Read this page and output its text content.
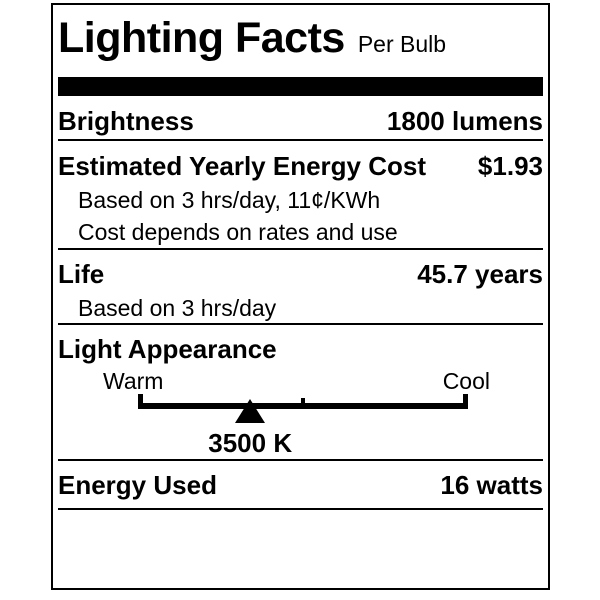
Lighting Facts Per Bulb
Brightness	1800 lumens
Estimated Yearly Energy Cost $1.93
Based on 3 hrs/day, 11¢/KWh
Cost depends on rates and use
Life	45.7 years
Based on 3 hrs/day
Light Appearance
Warm	Cool
3500 K
Energy Used	16 watts
